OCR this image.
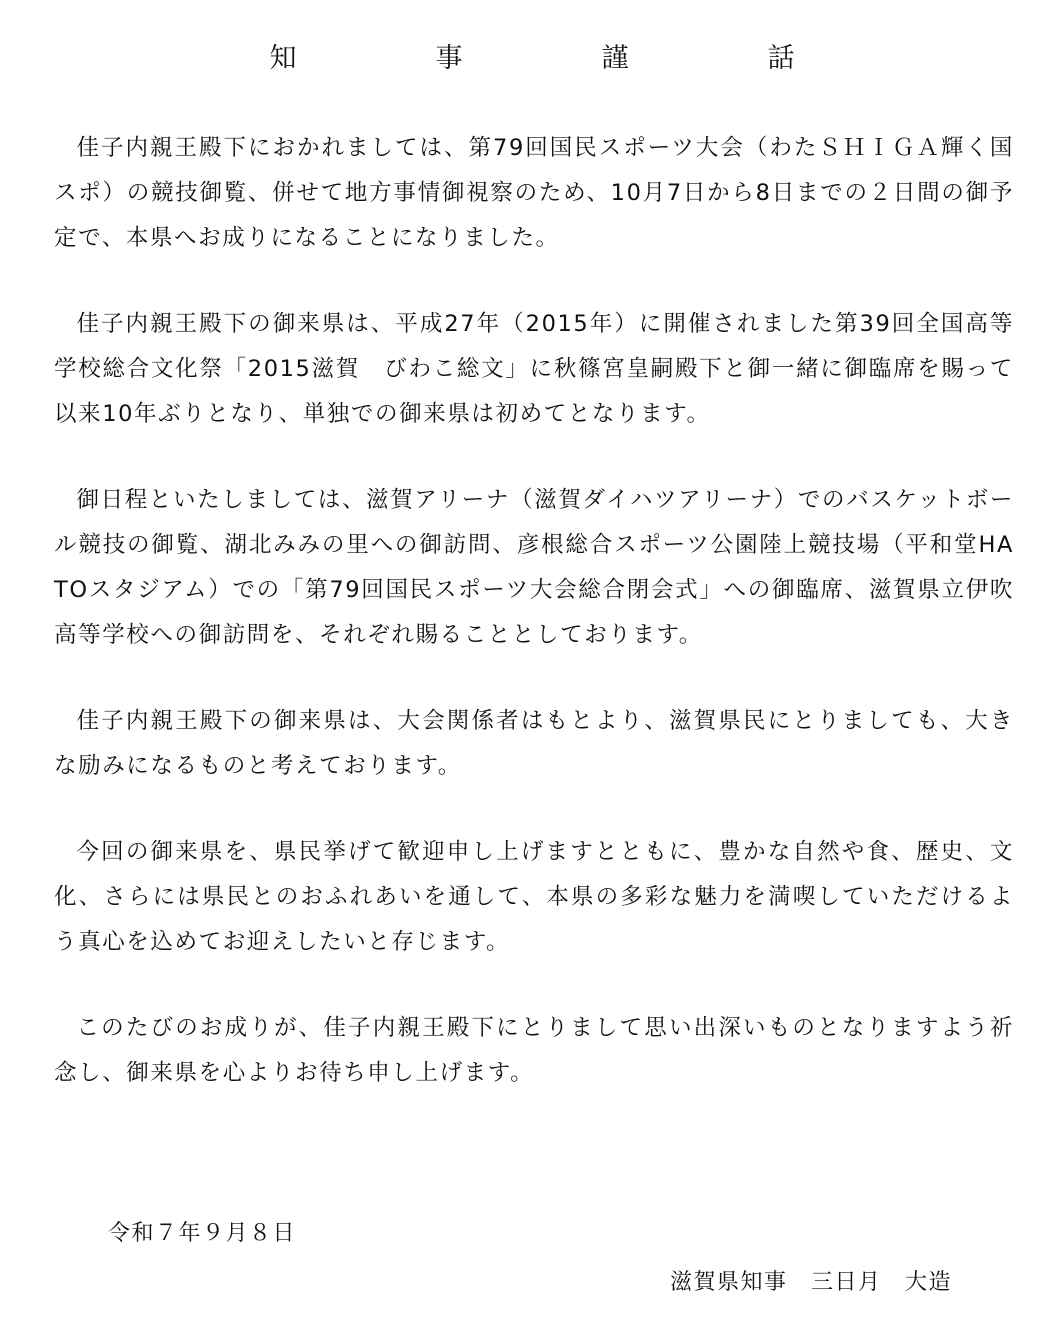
知　事　謹　話

佳子内親王殿下におかれましては、第79回国民スポーツ大会（わたＳＨＩＧＡ輝く国スポ）の競技御覧、併せて地方事情御視察のため、10月7日から8日までの２日間の御予定で、本県へお成りになることになりました。

佳子内親王殿下の御来県は、平成27年（2015年）に開催されました第39回全国高等学校総合文化祭「2015滋賀　びわこ総文」に秋篠宮皇嗣殿下と御一緒に御臨席を賜って以来10年ぶりとなり、単独での御来県は初めてとなります。

御日程といたしましては、滋賀アリーナ（滋賀ダイハツアリーナ）でのバスケットボール競技の御覧、湖北みみの里への御訪問、彦根総合スポーツ公園陸上競技場（平和堂HATOスタジアム）での「第79回国民スポーツ大会総合閉会式」への御臨席、滋賀県立伊吹高等学校への御訪問を、それぞれ賜ることとしております。

佳子内親王殿下の御来県は、大会関係者はもとより、滋賀県民にとりましても、大きな励みになるものと考えております。

今回の御来県を、県民挙げて歓迎申し上げますとともに、豊かな自然や食、歴史、文化、さらには県民とのおふれあいを通して、本県の多彩な魅力を満喫していただけるよう真心を込めてお迎えしたいと存じます。

このたびのお成りが、佳子内親王殿下にとりまして思い出深いものとなりますよう祈念し、御来県を心よりお待ち申し上げます。

令和７年９月８日
滋賀県知事　三日月　大造
